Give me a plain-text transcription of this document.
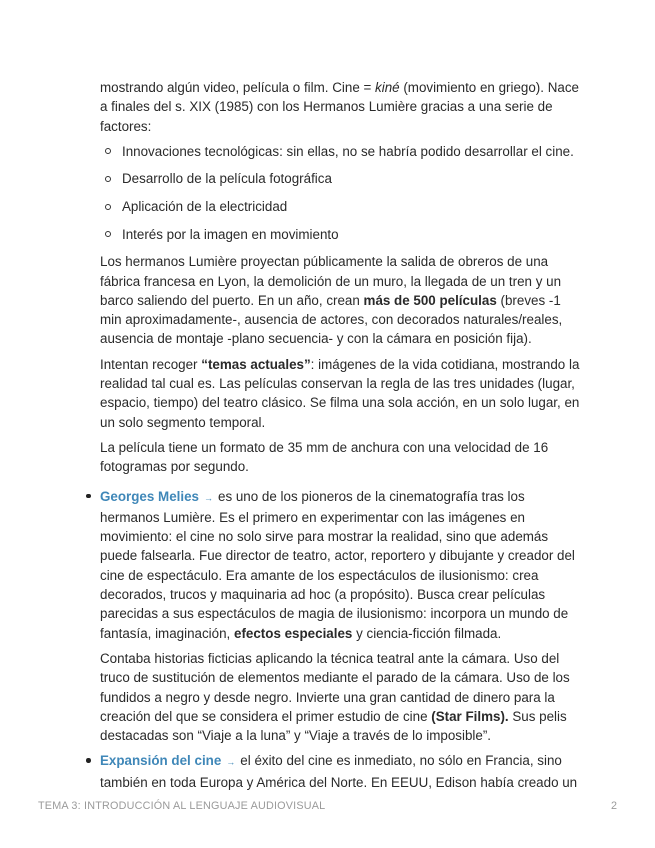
mostrando algún video, película o film. Cine = kiné (movimiento en griego). Nace a finales del s. XIX (1985) con los Hermanos Lumière gracias a una serie de factores:

Innovaciones tecnológicas: sin ellas, no se habría podido desarrollar el cine.
Desarrollo de la película fotográfica
Aplicación de la electricidad
Interés por la imagen en movimiento

Los hermanos Lumière proyectan públicamente la salida de obreros de una fábrica francesa en Lyon, la demolición de un muro, la llegada de un tren y un barco saliendo del puerto. En un año, crean más de 500 películas (breves -1 min aproximadamente-, ausencia de actores, con decorados naturales/reales, ausencia de montaje -plano secuencia- y con la cámara en posición fija).

Intentan recoger “temas actuales”: imágenes de la vida cotidiana, mostrando la realidad tal cual es. Las películas conservan la regla de las tres unidades (lugar, espacio, tiempo) del teatro clásico. Se filma una sola acción, en un solo lugar, en un solo segmento temporal.

La película tiene un formato de 35 mm de anchura con una velocidad de 16 fotogramas por segundo.

Georges Melies → es uno de los pioneros de la cinematografía tras los hermanos Lumière. Es el primero en experimentar con las imágenes en movimiento: el cine no solo sirve para mostrar la realidad, sino que además puede falsearla. Fue director de teatro, actor, reportero y dibujante y creador del cine de espectáculo. Era amante de los espectáculos de ilusionismo: crea decorados, trucos y maquinaria ad hoc (a propósito). Busca crear películas parecidas a sus espectáculos de magia de ilusionismo: incorpora un mundo de fantasía, imaginación, efectos especiales y ciencia-ficción filmada.

Contaba historias ficticias aplicando la técnica teatral ante la cámara. Uso del truco de sustitución de elementos mediante el parado de la cámara. Uso de los fundidos a negro y desde negro. Invierte una gran cantidad de dinero para la creación del que se considera el primer estudio de cine (Star Films). Sus pelis destacadas son “Viaje a la luna” y “Viaje a través de lo imposible”.

Expansión del cine → el éxito del cine es inmediato, no sólo en Francia, sino también en toda Europa y América del Norte. En EEUU, Edison había creado un

TEMA 3: INTRODUCCIÓN AL LENGUAJE AUDIOVISUAL	2
